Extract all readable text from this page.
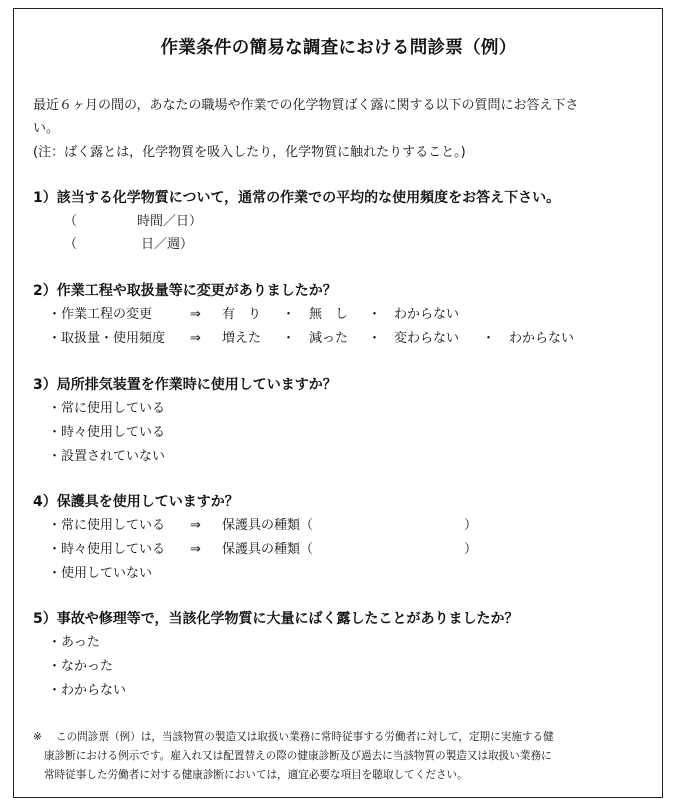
作業条件の簡易な調査における問診票（例）
最近６ヶ月の間の，あなたの職場や作業での化学物質ばく露に関する以下の質問にお答え下さ
い。
(注：ばく露とは，化学物質を吸入したり，化学物質に触れたりすること。)
1）該当する化学物質について，通常の作業での平均的な使用頻度をお答え下さい。
（	時間／日）
（	日／週）
2）作業工程や取扱量等に変更がありましたか？
・作業工程の変更	⇒ 有　り ・ 無　し ・ わからない
・取扱量・使用頻度 ⇒ 増えた ・ 減った ・ 変わらない ・ わからない
3）局所排気装置を作業時に使用していますか？
・常に使用している
・時々使用している
・設置されていない
4）保護具を使用していますか？
・常に使用している ⇒ 保護具の種類（	）
・時々使用している ⇒ 保護具の種類（	）
・使用していない
5）事故や修理等で，当該化学物質に大量にばく露したことがありましたか？
・あった
・なかった
・わからない
※ この問診票（例）は，当該物質の製造又は取扱い業務に常時従事する労働者に対して，定期に実施する健
康診断における例示です。雇入れ又は配置替えの際の健康診断及び過去に当該物質の製造又は取扱い業務に
常時従事した労働者に対する健康診断においては，適宜必要な項目を聴取してください。
